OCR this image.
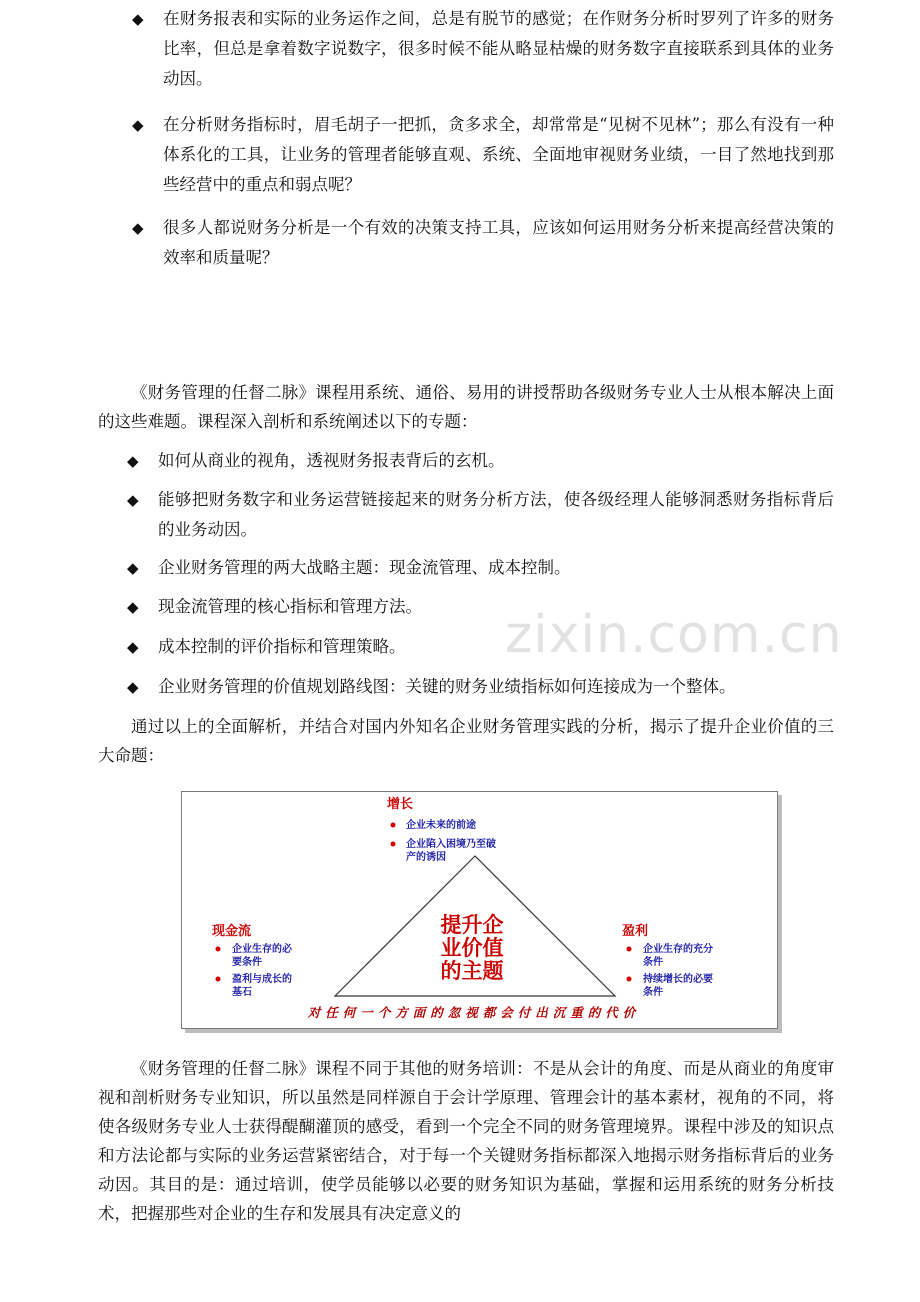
◆ 在财务报表和实际的业务运作之间，总是有脱节的感觉；在作财务分析时罗列了许多的财务比率，但总是拿着数字说数字，很多时候不能从略显枯燥的财务数字直接联系到具体的业务动因。
◆ 在分析财务指标时，眉毛胡子一把抓，贪多求全，却常常是“见树不见林”；那么有没有一种体系化的工具，让业务的管理者能够直观、系统、全面地审视财务业绩，一目了然地找到那些经营中的重点和弱点呢？
◆ 很多人都说财务分析是一个有效的决策支持工具，应该如何运用财务分析来提高经营决策的效率和质量呢？

《财务管理的任督二脉》课程用系统、通俗、易用的讲授帮助各级财务专业人士从根本解决上面的这些难题。课程深入剖析和系统阐述以下的专题：

◆ 如何从商业的视角，透视财务报表背后的玄机。
◆ 能够把财务数字和业务运营链接起来的财务分析方法，使各级经理人能够洞悉财务指标背后的业务动因。
◆ 企业财务管理的两大战略主题：现金流管理、成本控制。
◆ 现金流管理的核心指标和管理方法。
◆ 成本控制的评价指标和管理策略。
◆ 企业财务管理的价值规划路线图：关键的财务业绩指标如何连接成为一个整体。
zixin.com.cn

通过以上的全面解析，并结合对国内外知名企业财务管理实践的分析，揭示了提升企业价值的三大命题：

增长
企业未来的前途
企业陷入困境乃至破
产的诱因
提升企
业价值
的主题
现金流
企业生存的必
要条件
盈利与成长的
基石
盈利
企业生存的充分
条件
持续增长的必要
条件
对任何一个方面的忽视都会付出沉重的代价

《财务管理的任督二脉》课程不同于其他的财务培训：不是从会计的角度、而是从商业的角度审视和剖析财务专业知识，所以虽然是同样源自于会计学原理、管理会计的基本素材，视角的不同，将使各级财务专业人士获得醍醐灌顶的感受，看到一个完全不同的财务管理境界。课程中涉及的知识点和方法论都与实际的业务运营紧密结合，对于每一个关键财务指标都深入地揭示财务指标背后的业务动因。其目的是：通过培训，使学员能够以必要的财务知识为基础，掌握和运用系统的财务分析技术，把握那些对企业的生存和发展具有决定意义的
